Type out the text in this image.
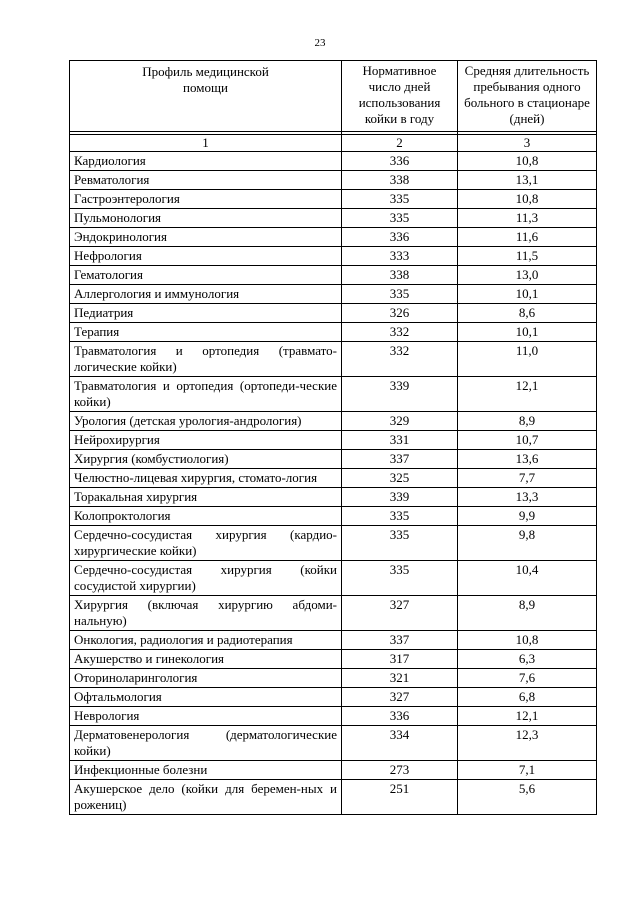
23
Профиль медицинской помощи	Нормативное число дней использования койки в году	Средняя длительность пребывания одного больного в стационаре (дней)

1	2	3
Кардиология	336	10,8
Ревматология	338	13,1
Гастроэнтерология	335	10,8
Пульмонология	335	11,3
Эндокринология	336	11,6
Нефрология	333	11,5
Гематология	338	13,0
Аллергология и иммунология	335	10,1
Педиатрия	326	8,6
Терапия	332	10,1
Травматология и ортопедия (травмато-логические койки)	332	11,0
Травматология и ортопедия (ортопеди-ческие койки)	339	12,1
Урология (детская урология-андрология)	329	8,9
Нейрохирургия	331	10,7
Хирургия (комбустиология)	337	13,6
Челюстно-лицевая хирургия, стомато-логия	325	7,7
Торакальная хирургия	339	13,3
Колопроктология	335	9,9
Сердечно-сосудистая хирургия (кардио-хирургические койки)	335	9,8
Сердечно-сосудистая хирургия (койки сосудистой хирургии)	335	10,4
Хирургия (включая хирургию абдоми-нальную)	327	8,9
Онкология, радиология и радиотерапия	337	10,8
Акушерство и гинекология	317	6,3
Оториноларингология	321	7,6
Офтальмология	327	6,8
Неврология	336	12,1
Дерматовенерология (дерматологические койки)	334	12,3
Инфекционные болезни	273	7,1
Акушерское дело (койки для беремен-ных и рожениц)	251	5,6
